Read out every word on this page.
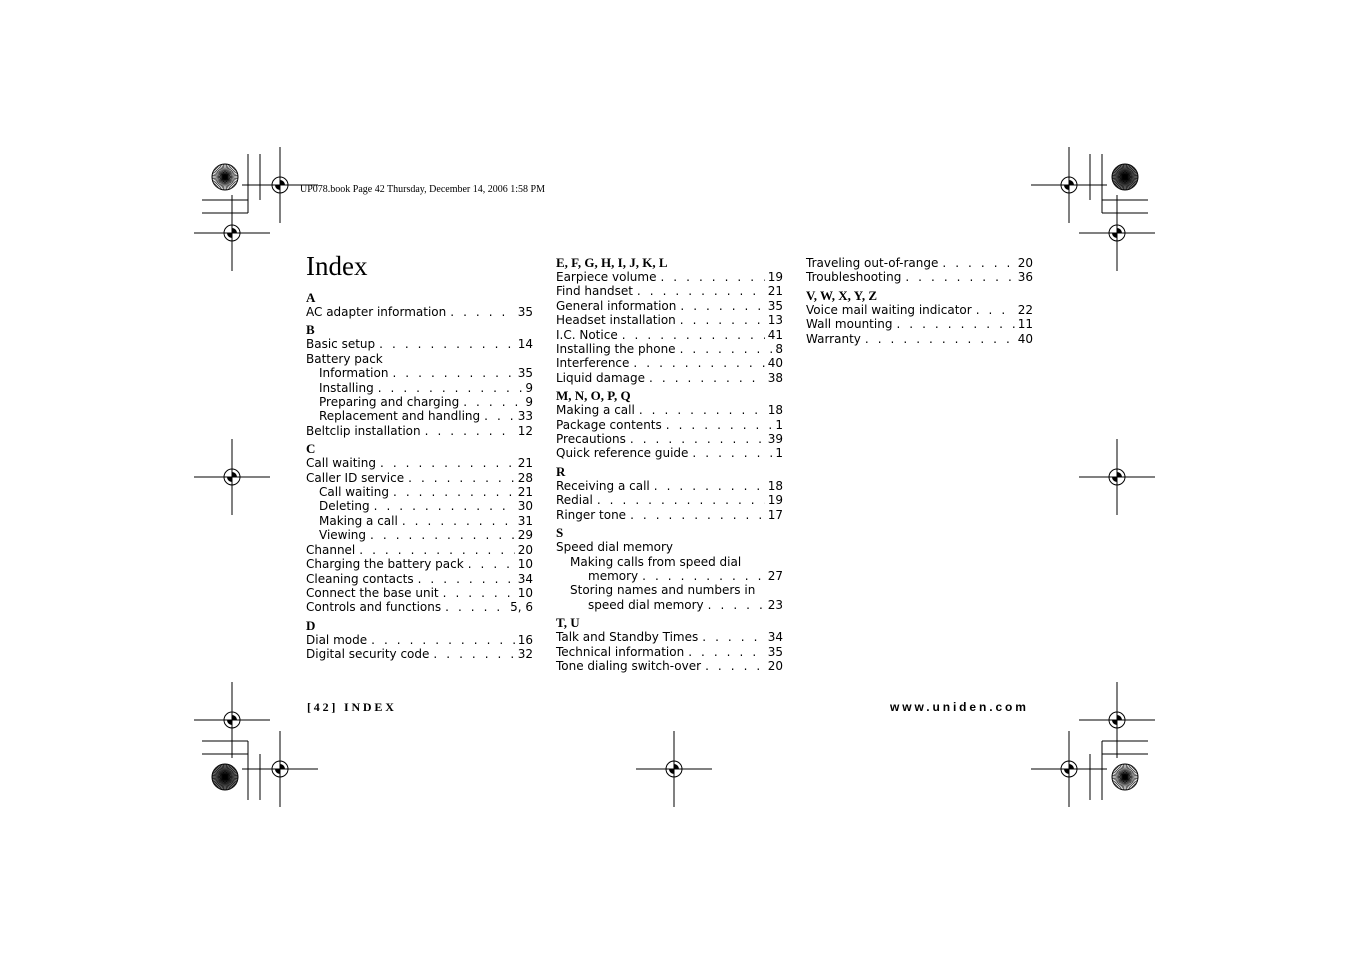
UP078.book Page 42 Thursday, December 14, 2006 1:58 PM
Index
A
AC adapter information . . .	35
B
Basic setup . . .	14
Battery pack
Information . . .	35
Installing . . .	9
Preparing and charging . . .	9
Replacement and handling . . .	33
Beltclip installation . . .	12
C
Call waiting . . .	21
Caller ID service . . .	28
Call waiting . . .	21
Deleting . . .	30
Making a call . . .	31
Viewing . . .	29
Channel . . .	20
Charging the battery pack . . .	10
Cleaning contacts . . .	34
Connect the base unit . . .	10
Controls and functions . . .	5, 6
D
Dial mode . . .	16
Digital security code . . .	32
E, F, G, H, I, J, K, L
Earpiece volume . . .	19
Find handset . . .	21
General information . . .	35
Headset installation . . .	13
I.C. Notice . . .	41
Installing the phone . . .	8
Interference . . .	40
Liquid damage . . .	38
M, N, O, P, Q
Making a call . . .	18
Package contents . . .	1
Precautions . . .	39
Quick reference guide . . .	1
R
Receiving a call . . .	18
Redial . . .	19
Ringer tone . . .	17
S
Speed dial memory
Making calls from speed dial
memory . . .	27
Storing names and numbers in
speed dial memory . . .	23
T, U
Talk and Standby Times . . .	34
Technical information . . .	35
Tone dialing switch-over . . .	20
Traveling out-of-range . . .	20
Troubleshooting . . .	36
V, W, X, Y, Z
Voice mail waiting indicator . . .	22
Wall mounting . . .	11
Warranty . . .	40
[42] INDEX	www.uniden.com
